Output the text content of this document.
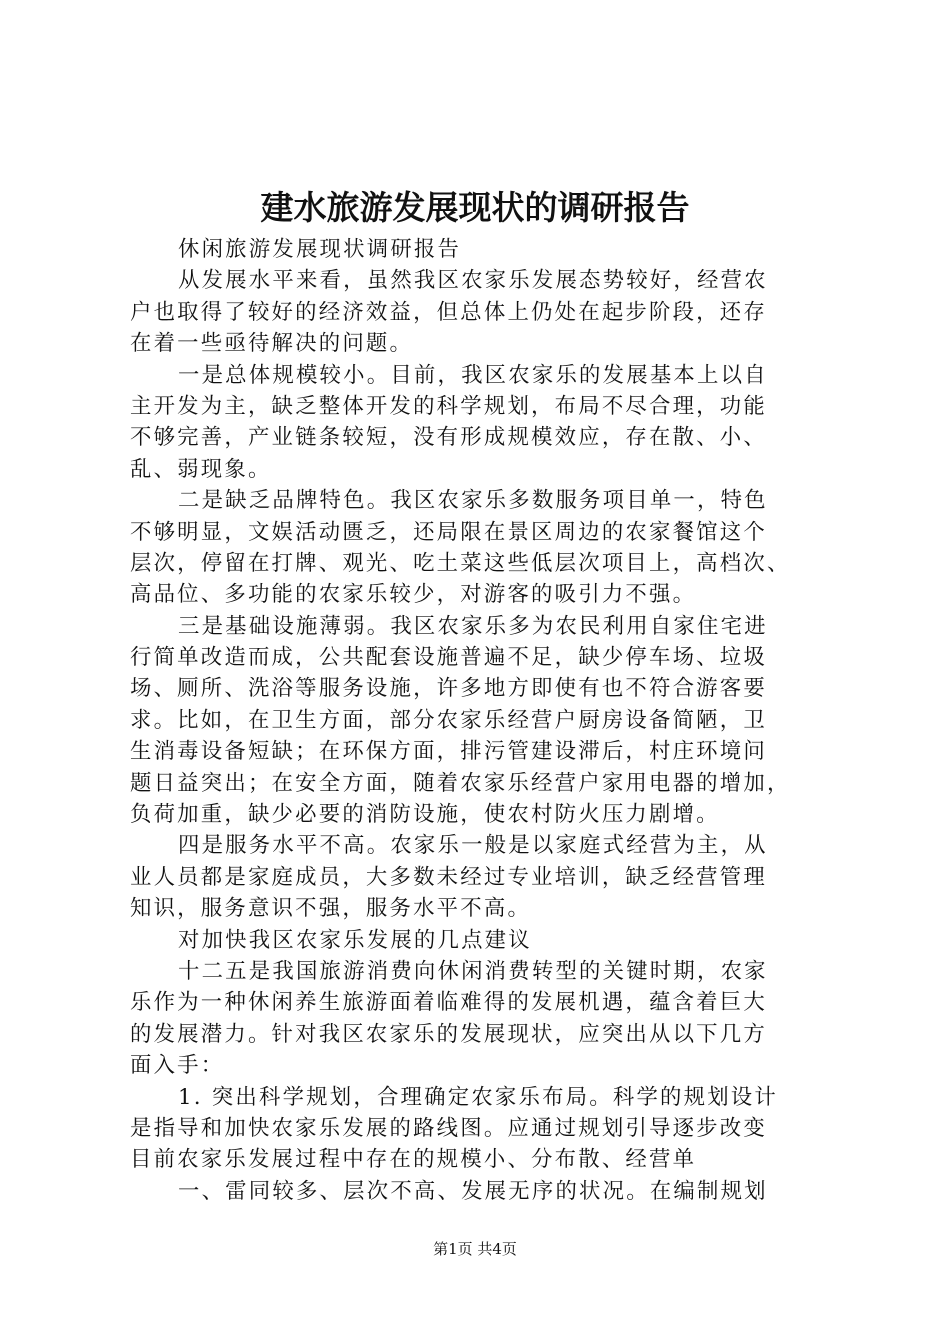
建水旅游发展现状的调研报告
休闲旅游发展现状调研报告
从发展水平来看，虽然我区农家乐发展态势较好，经营农
户也取得了较好的经济效益，但总体上仍处在起步阶段，还存
在着一些亟待解决的问题。
一是总体规模较小。目前，我区农家乐的发展基本上以自
主开发为主，缺乏整体开发的科学规划，布局不尽合理，功能
不够完善，产业链条较短，没有形成规模效应，存在散、小、
乱、弱现象。
二是缺乏品牌特色。我区农家乐多数服务项目单一，特色
不够明显，文娱活动匮乏，还局限在景区周边的农家餐馆这个
层次，停留在打牌、观光、吃土菜这些低层次项目上，高档次、
高品位、多功能的农家乐较少，对游客的吸引力不强。
三是基础设施薄弱。我区农家乐多为农民利用自家住宅进
行简单改造而成，公共配套设施普遍不足，缺少停车场、垃圾
场、厕所、洗浴等服务设施，许多地方即使有也不符合游客要
求。比如，在卫生方面，部分农家乐经营户厨房设备简陋，卫
生消毒设备短缺；在环保方面，排污管建设滞后，村庄环境问
题日益突出；在安全方面，随着农家乐经营户家用电器的增加，
负荷加重，缺少必要的消防设施，使农村防火压力剧增。
四是服务水平不高。农家乐一般是以家庭式经营为主，从
业人员都是家庭成员，大多数未经过专业培训，缺乏经营管理
知识，服务意识不强，服务水平不高。
对加快我区农家乐发展的几点建议
十二五是我国旅游消费向休闲消费转型的关键时期，农家
乐作为一种休闲养生旅游面着临难得的发展机遇，蕴含着巨大
的发展潜力。针对我区农家乐的发展现状，应突出从以下几方
面入手：
1. 突出科学规划，合理确定农家乐布局。科学的规划设计
是指导和加快农家乐发展的路线图。应通过规划引导逐步改变
目前农家乐发展过程中存在的规模小、分布散、经营单
一、雷同较多、层次不高、发展无序的状况。在编制规划
第1页 共4页
